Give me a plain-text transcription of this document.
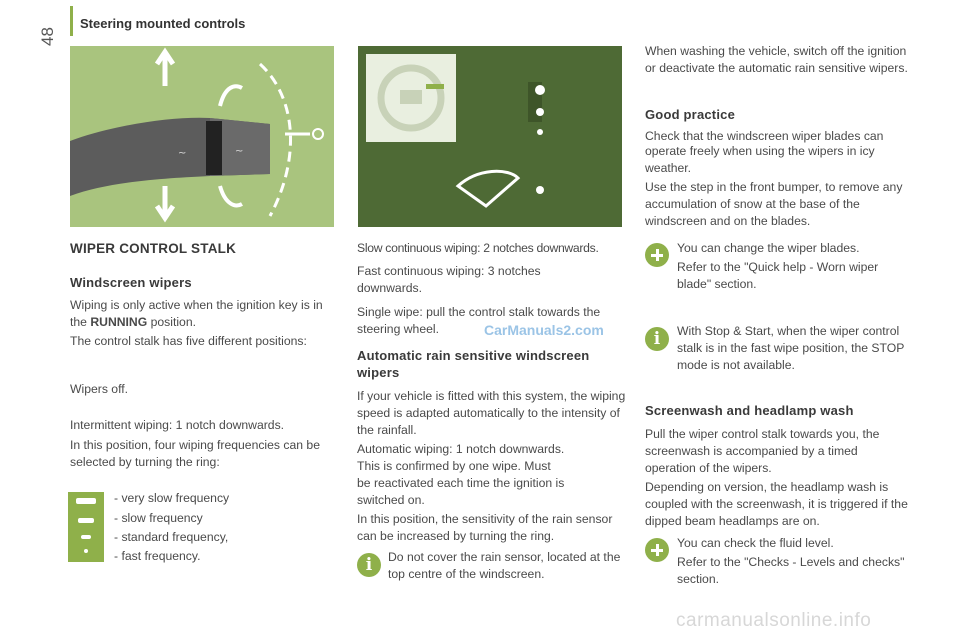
48
Steering mounted controls
~	~
WIPER CONTROL STALK
Windscreen wipers
Wiping is only active when the ignition key is in the RUNNING position.
The control stalk has five different positions:
Wipers off.
Intermittent wiping: 1 notch downwards.
In this position, four wiping frequencies can be selected by turning the ring:
- very slow frequency
- slow frequency
- standard frequency,
- fast frequency.
Slow continuous wiping: 2 notches downwards.
Fast continuous wiping: 3 notches downwards.
Single wipe: pull the control stalk towards the steering wheel.	CarManuals2.com
Automatic rain sensitive windscreen wipers
If your vehicle is fitted with this system, the wiping speed is adapted automatically to the intensity of the rainfall.
Automatic wiping: 1 notch downwards.
This is confirmed by one wipe. Must
be reactivated each time the ignition is switched on.
In this position, the sensitivity of the rain sensor can be increased by turning the ring.
i	Do not cover the rain sensor, located at the top centre of the windscreen.
When washing the vehicle, switch off the ignition or deactivate the automatic rain sensitive wipers.
Good practice
Check that the windscreen wiper blades can
operate freely when using the wipers in icy weather.
Use the step in the front bumper, to remove any accumulation of snow at the base of the windscreen and on the blades.
You can change the wiper blades.
Refer to the "Quick help - Worn wiper blade" section.
i	With Stop & Start, when the wiper control stalk is in the fast wipe position, the STOP mode is not available.
Screenwash and headlamp wash
Pull the wiper control stalk towards you, the screenwash is accompanied by a timed operation of the wipers.
Depending on version, the headlamp wash is coupled with the screenwash, it is triggered if the dipped beam headlamps are on.
You can check the fluid level.
Refer to the "Checks - Levels and checks" section.
carmanualsonline.info
